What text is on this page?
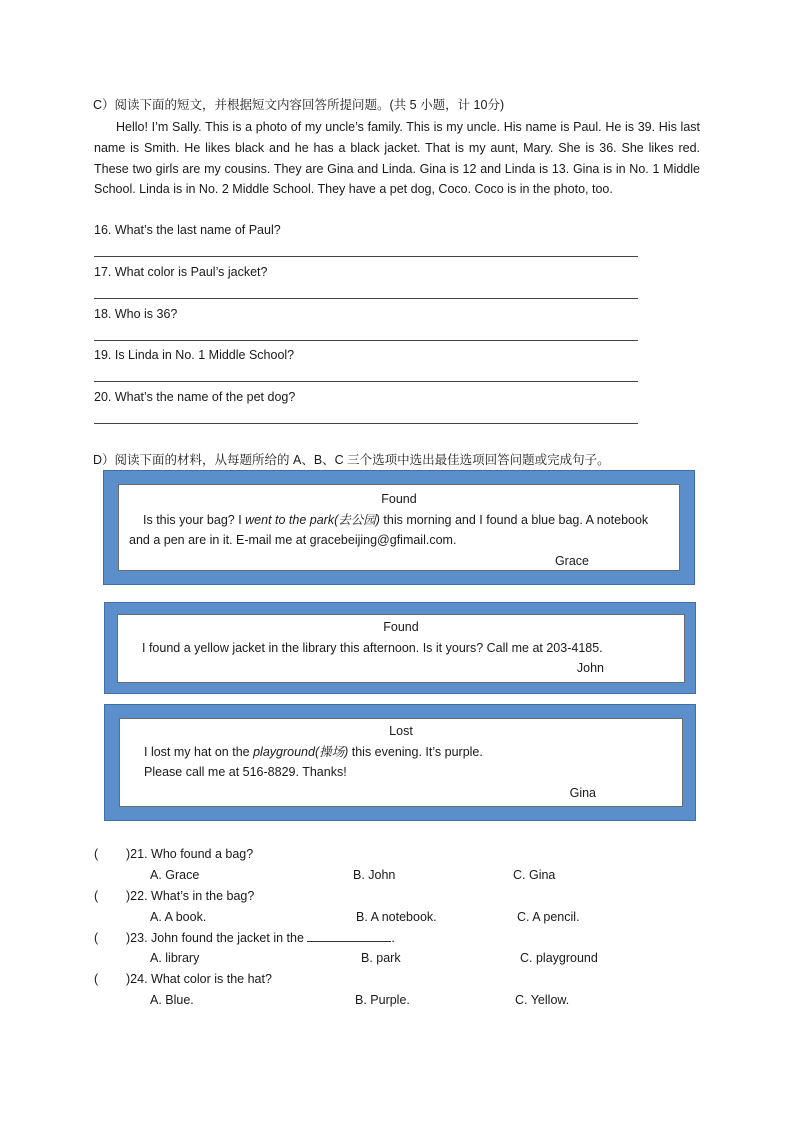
C）阅读下面的短文，并根据短文内容回答所提问题。(共 5 小题，计 10分)

Hello! I’m Sally. This is a photo of my uncle’s family. This is my uncle. His name is Paul. He is 39. His last name is Smith. He likes black and he has a black jacket. That is my aunt, Mary. She is 36. She likes red. These two girls are my cousins. They are Gina and Linda. Gina is 12 and Linda is 13. Gina is in No. 1 Middle School. Linda is in No. 2 Middle School. They have a pet dog, Coco. Coco is in the photo, too.

16. What’s the last name of Paul?
17. What color is Paul’s jacket?
18. Who is 36?
19. Is Linda in No. 1 Middle School?
20. What’s the name of the pet dog?
D）阅读下面的材料，从每题所给的 A、B、C 三个选项中选出最佳选项回答问题或完成句子。
Found
Is this your bag? I went to the park(去公园) this morning and I found a blue bag. A notebook and a pen are in it. E-mail me at gracebeijing@gfimail.com.
Grace
Found
I found a yellow jacket in the library this afternoon. Is it yours? Call me at 203-4185.
John
Lost
I lost my hat on the playground(操场) this evening. It’s purple.
Please call me at 516-8829. Thanks!
Gina
( )21. Who found a bag?
A. Grace	B. John	C. Gina
( )22. What’s in the bag?
A. A book.	B. A notebook.	C. A pencil.
( )23. John found the jacket in the	.
A. library	B. park	C. playground
( )24. What color is the hat?
A. Blue.	B. Purple.	C. Yellow.
